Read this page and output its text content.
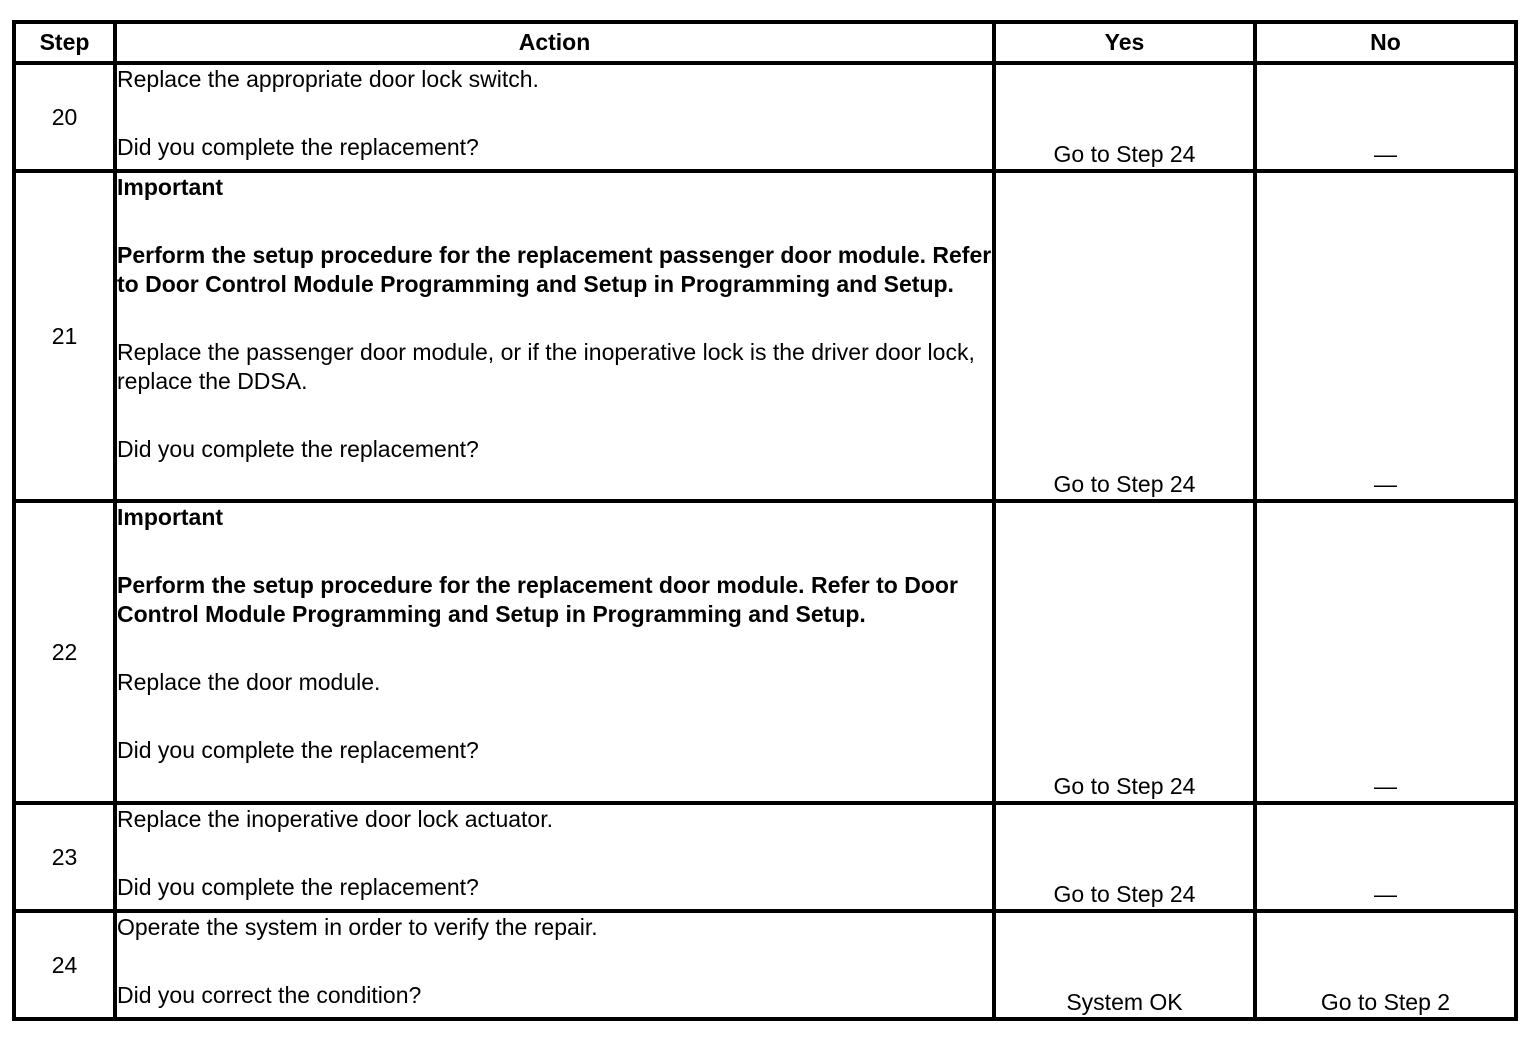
Step	Action	Yes	No
20	Replace the appropriate door lock switch.

Did you complete the replacement?	Go to Step 24	—
21	Important

Perform the setup procedure for the replacement passenger door module. Refer to Door Control Module Programming and Setup in Programming and Setup.

Replace the passenger door module, or if the inoperative lock is the driver door lock, replace the DDSA.

Did you complete the replacement?	Go to Step 24	—
22	Important

Perform the setup procedure for the replacement door module. Refer to Door Control Module Programming and Setup in Programming and Setup.

Replace the door module.

Did you complete the replacement?	Go to Step 24	—
23	Replace the inoperative door lock actuator.

Did you complete the replacement?	Go to Step 24	—
24	Operate the system in order to verify the repair.

Did you correct the condition?	System OK	Go to Step 2
